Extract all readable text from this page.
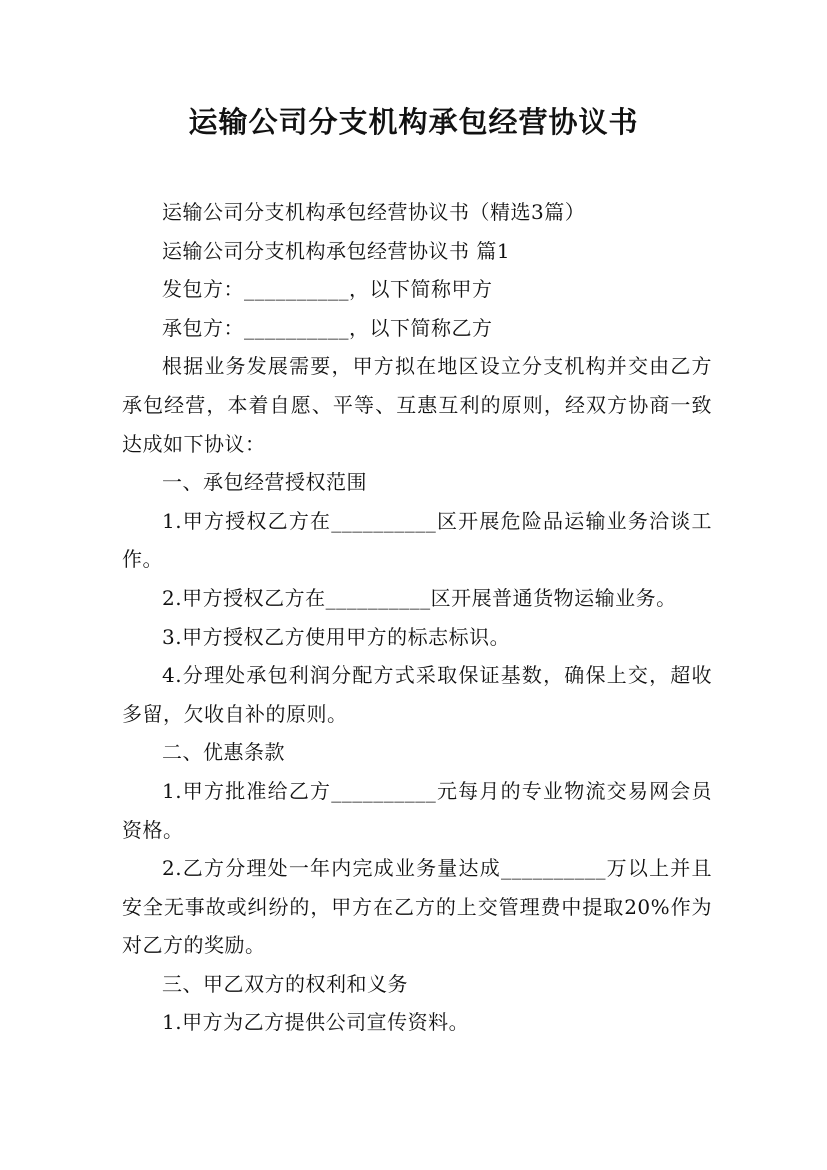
运输公司分支机构承包经营协议书

运输公司分支机构承包经营协议书（精选3篇）

运输公司分支机构承包经营协议书 篇1

发包方：__________，以下简称甲方

承包方：__________，以下简称乙方

根据业务发展需要，甲方拟在地区设立分支机构并交由乙方承包经营，本着自愿、平等、互惠互利的原则，经双方协商一致达成如下协议：

一、承包经营授权范围

1.甲方授权乙方在__________区开展危险品运输业务洽谈工作。

2.甲方授权乙方在__________区开展普通货物运输业务。

3.甲方授权乙方使用甲方的标志标识。

4.分理处承包利润分配方式采取保证基数，确保上交，超收多留，欠收自补的原则。

二、优惠条款

1.甲方批准给乙方__________元每月的专业物流交易网会员资格。

2.乙方分理处一年内完成业务量达成__________万以上并且安全无事故或纠纷的，甲方在乙方的上交管理费中提取20%作为对乙方的奖励。

三、甲乙双方的权利和义务

1.甲方为乙方提供公司宣传资料。
